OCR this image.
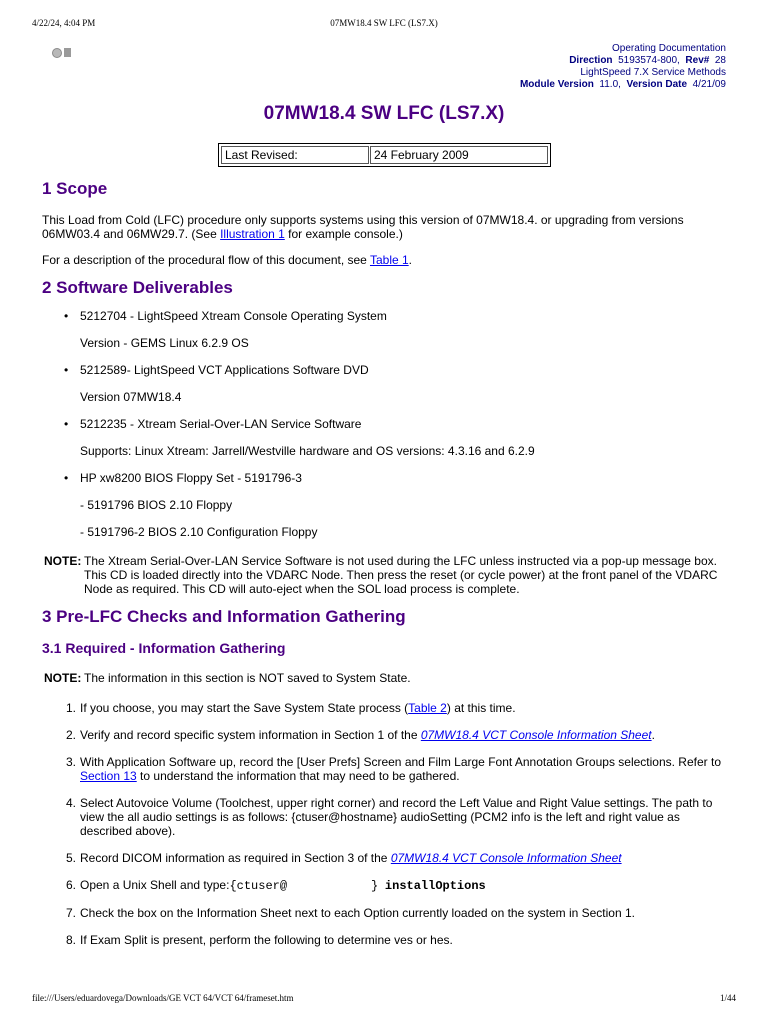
4/22/24, 4:04 PM	07MW18.4 SW LFC (LS7.X)
Operating Documentation
Direction 5193574-800, Rev# 28
LightSpeed 7.X Service Methods
Module Version 11.0, Version Date 4/21/09
07MW18.4 SW LFC (LS7.X)
Last Revised:	24 February 2009
1 Scope

This Load from Cold (LFC) procedure only supports systems using this version of 07MW18.4. or upgrading from versions 06MW03.4 and 06MW29.7. (See Illustration 1 for example console.)

For a description of the procedural flow of this document, see Table 1.

2 Software Deliverables
• 5212704 - LightSpeed Xtream Console Operating System
Version - GEMS Linux 6.2.9 OS
• 5212589- LightSpeed VCT Applications Software DVD
Version 07MW18.4
• 5212235 - Xtream Serial-Over-LAN Service Software
Supports: Linux Xtream: Jarrell/Westville hardware and OS versions: 4.3.16 and 6.2.9
• HP xw8200 BIOS Floppy Set - 5191796-3
- 5191796 BIOS 2.10 Floppy
- 5191796-2 BIOS 2.10 Configuration Floppy
NOTE: The Xtream Serial-Over-LAN Service Software is not used during the LFC unless instructed via a pop-up message box. This CD is loaded directly into the VDARC Node. Then press the reset (or cycle power) at the front panel of the VDARC Node as required. This CD will auto-eject when the SOL load process is complete.
3 Pre-LFC Checks and Information Gathering
3.1 Required - Information Gathering
NOTE: The information in this section is NOT saved to System State.
1. If you choose, you may start the Save System State process (Table 2) at this time.
2. Verify and record specific system information in Section 1 of the 07MW18.4 VCT Console Information Sheet.
3. With Application Software up, record the [User Prefs] Screen and Film Large Font Annotation Groups selections. Refer to Section 13 to understand the information that may need to be gathered.
4. Select Autovoice Volume (Toolchest, upper right corner) and record the Left Value and Right Value settings. The path to view the all audio settings is as follows: {ctuser@hostname} audioSetting (PCM2 info is the left and right value as described above).
5. Record DICOM information as required in Section 3 of the 07MW18.4 VCT Console Information Sheet
6. Open a Unix Shell and type:{ctuser@	} installOptions
7. Check the box on the Information Sheet next to each Option currently loaded on the system in Section 1.
8. If Exam Split is present, perform the following to determine ves or hes.
file:///Users/eduardovega/Downloads/GE VCT 64/VCT 64/frameset.htm	1/44
